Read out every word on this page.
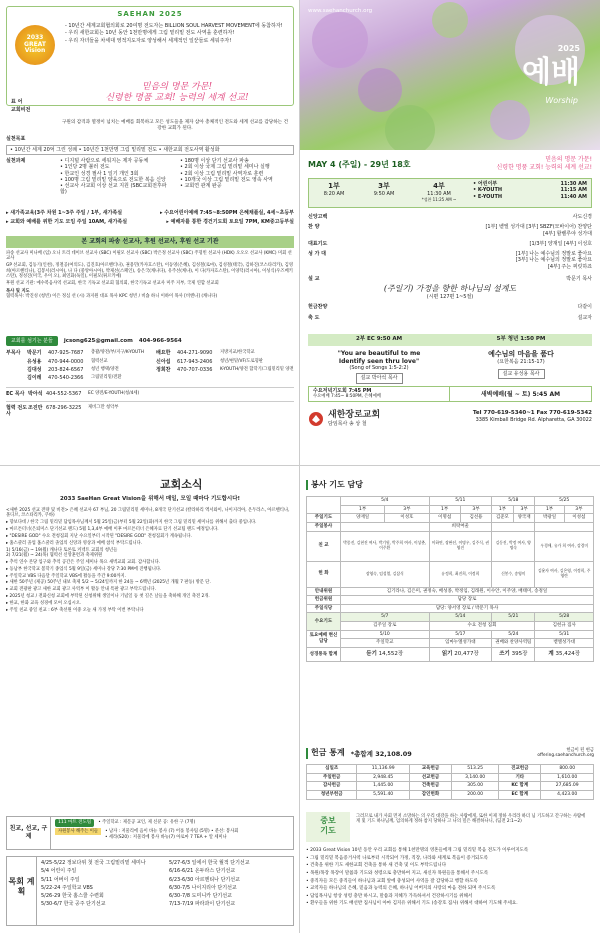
SAEHAN 2025
2033
GREAT
Vision
- 10년간 세계교회협의회로 20여명 전도자는 BILLION SOUL HARVEST MOVEMENT에 동참하자!
- 우리 새한교회는 10년 동안 1천만명에게 그림 밑리밑 전도 사역을 훈련하자!
- 우리 자녀들을 차세대 영적지도자로 양성해서 세계적인 일꾼들로 세워주자!
표 어
교회비전
믿음의 명문 가문!
신령한 명품 교회! 능력의 세계 선교!
구원의 감격과 열정이 넘치는 예배를 회복하고 모든 성도들을 제자 삼아 총체적인 전도와 세계 선교를 감당하는 건강한 교회가 된다.
실천목표
• 10년간 세계 20억 그린 성례 • 10년간 1천만명 그림 밑리밑 전도 • 새한교회 전도사역 활성화
실천과제	• 디지털 사람으로 세워지는 제자 공동체
• 1인당 2명 불러 전도
• 한교인 성경 필사 1 일기 개인 3회
• 100명 그림 밑리밑 양육으로 전도한 복음 신앙
• 선교사 사교회 이상 선교 지원 (SBC교회전후파합)
• 180명 이상 단기 선교사 파송
• 2회 이상 국제 그림 밑리밑 세미나 실행
• 2회 이상 그림 밑리밑 사역자로 훈련
• 10개국 이상 그림 밑리밑 전도 영속 사역
• 교회연 관계 완공
▸ 새가족교육(3주 차원 1~3주 주일 / 1부, 새가족실	▸ 수요어린이예배 7:45~8:50PM 은혜채플실, 4세~초등부
▸ 교회와 예배를 위한 기도 모임 주일 10AM, 새가족실	▸ 예배자를 통한 경건기도회 토요일 7PM, KM중고등부실
본 교회의 파송 선교사, 후원 선교사, 후원 선교 기관
파송 선교사 미나배 (임) 오니 트리 데이브 선교사 (SBC) 이필모 선교사 (SBC) 박은정 선교사 (SBC) 주형빈 선교사 (HDK) 오오오 선교사 (KMC) 미회 선교사
GP 선교회, 김동기(인천), 정철공(여의도), 김진호(아르헨티나), 권용민(카자흐스탄), 이동영(은혜), 김성철(로마), 김성철(태국), 김하진(코스타리카), 김영희(아르헨티나), 김봉서(러시아), 나 다 (중앙아시아), 박제선(스페인), 송은국(캐나다), 유주선(케냐), 이 다(카자흐스탄), 이양덕(러시아), 이성식(우즈베키스탄), 정성진(미국, 우이 오), 최연화(독일), 이필모(튀르키예)
후원 선교 기관: 예수복음사역 선교회, 한국 기독교 선교회 협의회, 한국기독교 선교사 미주 지부, 국제 연합 선교회
목사 및 지도
협력목사: 박진성 (청빈) 이은 정심 선 (시) 과지원 대표 목사 KPC 청빈 / 비숍 하니 이하이 목사 [비엔나] (캐나다)
교회를 섬기는 분들	jcsong625@gmail.com 404-966-9564
부목사	박문기	407-925-7687	총괄/양전/부/지구/K-YOUTH
유성용	470-944-0000	협력선교
김대성	203-824-6567	청년 행택/양전
김이레	470-540-2366	그림밑리밑/전환
배요한	404-271-9090	지방지교/한국학교
신아섭	617-943-2406	청년/현밑/VF/도로형판
정희찬	470-707-0336	K-YOUTH/양전 합학기/그림밑리밑 양전
EC 목사 박아석 404-552-5367	EC 양전/E-YOUTH(청/4세)
협력 전도사
조진만 678-296-3225	제비그만 청악부
www.saehanchurch.org
2025
예배
Worship
MAY 4 (주일) - 29년 18호
믿음의 명문 가문!
신령한 명품 교회! 능력의 세계 선교!
1부
8:20 AM
3부
9:50 AM
4부
11:30 AM
*성찬 11:25 AM ~
• 어린이부	11:30 AM
• K-YOUTH	11:15 AM
• E-YOUTH	11:40 AM
신앙고백	사도신경
찬 양	[1부] 벧엘 성가대 [3부] SBZF(모바이어) 찬양단
[4부] 할렐루야 성가대
대표기도	[1/3부] 양재일 [4부] 이성호
성 가 대	[1부] 나는 예수님의 정말로 좋아요
[3부] 나는 예수님의 정말로 좋아요
[4부] 주는 찌릿하죠
설 교	박문기 목사
(주일기) 가정을 향한 하나님의 설계도
(시편 127편 1~5절)
헌금찬양	다같이
축 도	설교자
2부 EC 9:50 AM	5부 청년 1:50 PM
"You are beautiful to me
Identify seen thru love"
(Song of Songs 1:5-2:2)
설교 박아석 목사
예수님의 마음을 품다
(요한복음 21:15-17)
설교 유성용 목사
수요저녁기도회 7:45 PM
수요예배 7:45~ 8:50PM, 은혜예배	새벽예배(월 ~ 토) 5:45 AM
새한장로교회
담임목사 송 상 철
Tel 770-619-5340~1 Fax 770-619-5342
3385 Kimball Bridge Rd. Alpharetta, GA 30022
교회소식
2033 SaeHan Great Vision을 위해서 매일, 모일 때마다 기도합시다!
<새한 2025 선교 전략 및 비전> 은혜 선교사 67 부님, 20 그림밑리밑 세미나, 8개국 단기선교 (칼라하리 엑서와이, 나이지리아, 온두라스, 아르헨티나, 몰디브, 코스타리카, 쿠바)
▸ 향보다데 / 한국 그림 밑리밑 담임목사님께서 5월 25일(금)부터 5월 22일(화)까지 한국 그림 밑리밑 세미나를 위해서 출타 중입니다.
▸ 마르튼터너(은퇴미스 단기선교 랜드) 5월 1,3,4부 예배 이후 마르튼터너 은혜자료 단기 선교팀 랜드 예정입니다.
▸ "DESIRE GOD" 수요 전청집회 지난 수요일부터 시작된 "DESIRE GOD" 전청집회가 계속됩니다.
▸ 홈스쿨러 졸업 홈스쿨러 졸업의 신앙과 영상과 예배 참석 부탁드립니다.
1) 5/16(금) ~ 19(월) 캐나다 토론토 커넥트 교회의 청년들
2) 7/21(월) ~ 24(목) 협력선 신앙훈련과 축제위원
▸ 추억 연수 본당 입구와 추억 공간은 주일 세미나 목요 새벽교회 교회. 감사합니다.
▸ 동남부 한국학교 봄학기 종업식 5월 9일(금) 세미나 강당 7:30 PM에 진행됩니다.
▸ 주일학교 VBS 다음달 주일학교 VBS에 활동을 주간 9:00까지.
▸ 새한 50주년 (제공) 50주년 내보 축제 5/2 ~ 5/24일까지 한 24돌 ~ 6백년 (2025년 개월 7 판동) 방문 단.
▸ 교회 전광판 광고 새한 교회 광고 사역부 이 활동 안내 특판 광고 부탁드립니다.
▸ 2025년 청교 / 전화신청 교회에 부탁된 신청위해 생일이나 기념일 등 첫 길은 날들을 축하해 개인 축전 2개.
▸ 한교, 한화 교육 성경에 모여 오십시오.
▸ 주일 친교 중일 친교 : 6부 축선원 이중 오늘 새 가정 부탁 이번 부탁니다
친교, 선교, 구제
111 마트 전도팀	• 주일학교 : 제문공 교인, 제 신분 공: 유한 구 (7명)
자원봉사 해주는 이들	• 남자 : 저물리에 음이 바뉴 봉사 (7) 어롤 봉사팀 (5명) • 분선: 봉사회
• 세라(S20) : 저물리에 봉사 바뉴(7) 아로마 7 TEA + 알 세미나
목회 계획
4/25-5/22 정보다위 첫 전국 그림밑리밑 세미나
5/4 어린이 주일
5/11 어버이 주일
5/22-24 주일학교 VBS
5/26-29 한국 홈스쿨 수련회
5/30-6/7 한국 공주 단기선교
5/27-6/3 일에서 한국 월적 단기선교
6/16-6/21 온두라스 단기선교
6/23-6/30 아르헨티나 단기선교
6/30-7/5 나이지리아 단기선교
6/30-7/8 도미니카 단기선교
7/13-7/19 파라과이 단기선교
봉사 기도 담당
	5/4		5/11		5/18		5/25	
	1부	3부	1부	3부	1부	3부	1부	3부
주일기도	양재일	이성호	이명섭	김선용	김준모	양국재	박광일	이성섭
주일봉사			희락여울					
친 교	박종진, 김현진 여사, 박기원, 박주희 여사, 이상춘, 이주환		이하연, 장완선, 이명우, 김주식, 권영진		김동진, 박정 여사, 양명숙		우경애, 유가 희 여사, 강경미	
헌 화	장영숙, 임성열, 김삼식		유정희, 최진희, 이정희		신봉수, 송영미		김윤자 여사, 김은영, 이정희, 주영란	
안내위원	김기라나, 김은미, 권정숙, 배성종, 박정임, 김래원, 이수안, 이주양, 배태미, 송정일							
헌금위원	담당 장로							
주일식당	담당: 양서영 장로 / 박문기 목사							
수요기도	5/7		5/14		5/21		5/28	
	김주일 장로		수요 전청 집회				김헌규 집사	
토요예배 현신담당	5/10		5/17		5/24		5/31	
	주일학교		임마누엘성가대		권배와 찬양사역팀		벧엘성가대	
성경통독 합계	듣기 14,552장		읽기 20,477장		쓰기 395장		계 35,424장	
헌금 통계 *총합계 32,108.09	헌금이 된 현금
offering.saehanchurch.org
십일조	11,136.99	교육헌금	513.25	진교헌금	800.00
주일헌금	2,948.45	선교헌금	3,140.00	기타	1,610.00
감사헌금	1,445.00	건축헌금	305.00	KC 합계	27,685.09
청년부헌금	5,591.40	감인헌화	200.00	EC 합계	4,423.00
중보
기도
그러므로 내가 사회 먼저 소망하는 의 우리 대강을 하는 사람에게, 또한 이제 정하 우리라 하더 님 기도하고 간구하는 사람에게 및 기드 하나님께, 임의하게 정하 참지 당하나 고 나의 밀은 해결하나니, (딤전 2:1~2)
• 2033 Great Vision 10년 동안 우리 교회를 통해 1천만명의 영혼들에게 그림 밑리밑 복음 전도가 이루어지도록
• 그림 밑리밑 복음증거사역 나로부터 시작되어 가정, 직장, 나라와 세계로 복음이 증거되도록
• 건축을 위한 기도 새한교회 건축을 통하 새 건축 및 이도 부탁드립니다
• 목원/목장 목장이 말씀과 기도와 성령으로 충만하여 지고, 새신자 목원들을 통해서 주시도록
• 중직자들 모든 중직들이 하나님과 교회 앞에 충성되어 사역을 잘 감당하고 행할 하도록
• 교역자들 하나님의 은혜, 믿음과 능력의 은혜, 하나님 어버지의 사랑의 마음 전하 되며 주시도록
• 담임목사님 항상 성령 충만 하시고, 말씀과 지혜가 가득하셔서 건강하시기를 위해서
• 환우들을 위한 기도 배선반 집사님이 아마 김지유 위해서 기도 (송강호 집사) 위해서 대하여 기도해 주세요.
